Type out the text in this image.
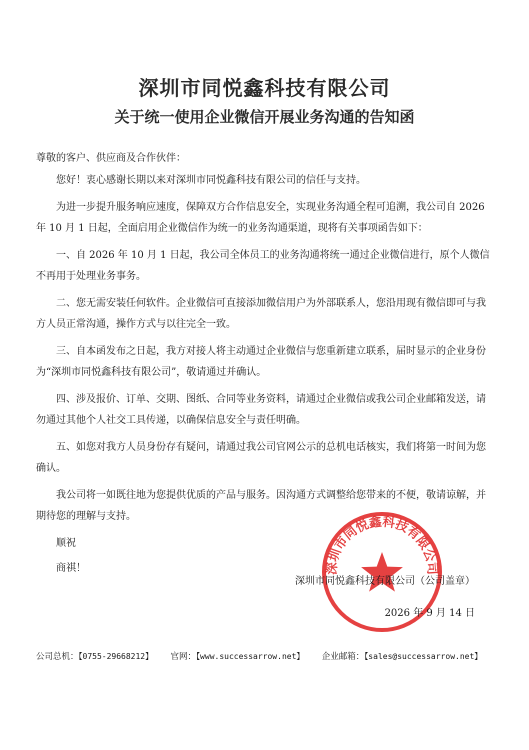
深圳市同悦鑫科技有限公司
关于统一使用企业微信开展业务沟通的告知函

尊敬的客户、供应商及合作伙伴：

您好！衷心感谢长期以来对深圳市同悦鑫科技有限公司的信任与支持。

为进一步提升服务响应速度，保障双方合作信息安全，实现业务沟通全程可追溯，我公司自 2026 年 10 月 1 日起，全面启用企业微信作为统一的业务沟通渠道，现将有关事项函告如下：

一、自 2026 年 10 月 1 日起，我公司全体员工的业务沟通将统一通过企业微信进行，原个人微信不再用于处理业务事务。

二、您无需安装任何软件。企业微信可直接添加微信用户为外部联系人，您沿用现有微信即可与我方人员正常沟通，操作方式与以往完全一致。

三、自本函发布之日起，我方对接人将主动通过企业微信与您重新建立联系，届时显示的企业身份为“深圳市同悦鑫科技有限公司”，敬请通过并确认。

四、涉及报价、订单、交期、图纸、合同等业务资料，请通过企业微信或我公司企业邮箱发送，请勿通过其他个人社交工具传递，以确保信息安全与责任明确。

五、如您对我方人员身份存有疑问，请通过我公司官网公示的总机电话核实，我们将第一时间为您确认。

我公司将一如既往地为您提供优质的产品与服务。因沟通方式调整给您带来的不便，敬请谅解，并期待您的理解与支持。

顺祝

商祺！	深圳市同悦鑫科技有限公司
深圳市同悦鑫科技有限公司（公司盖章）
2026 年 9 月 14 日
公司总机：【0755-29668212】 官网：【www.successarrow.net】 企业邮箱：【sales@successarrow.net】
